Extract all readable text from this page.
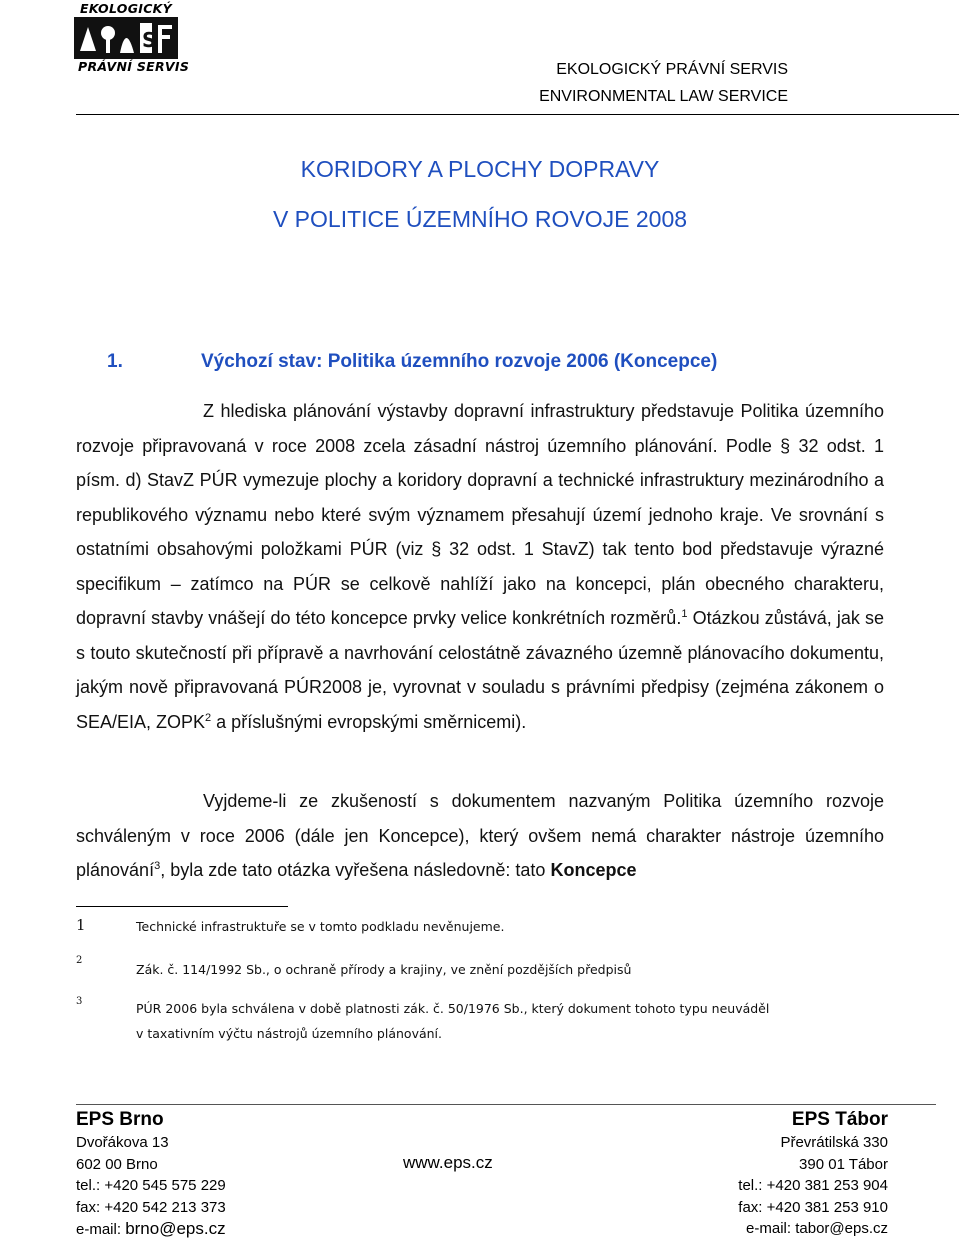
EKOLOGICKÝ
S
PRÁVNÍ SERVIS	EKOLOGICKÝ PRÁVNÍ SERVIS
ENVIRONMENTAL LAW SERVICE
KORIDORY A PLOCHY DOPRAVY
V POLITICE ÚZEMNÍHO ROVOJE 2008
1.	Výchozí stav: Politika územního rozvoje 2006 (Koncepce)
Z hlediska plánování výstavby dopravní infrastruktury představuje Politika územního rozvoje připravovaná v roce 2008 zcela zásadní nástroj územního plánování. Podle § 32 odst. 1 písm. d) StavZ PÚR vymezuje plochy a koridory dopravní a technické infrastruktury mezinárodního a republikového významu nebo které svým významem přesahují území jednoho kraje. Ve srovnání s ostatními obsahovými položkami PÚR (viz § 32 odst. 1 StavZ) tak tento bod představuje výrazné specifikum – zatímco na PÚR se celkově nahlíží jako na koncepci, plán obecného charakteru, dopravní stavby vnášejí do této koncepce prvky velice konkrétních rozměrů.$^1$ Otázkou zůstává, jak se s touto skutečností při přípravě a navrhování celostátně závazného územně plánovacího dokumentu, jakým nově připravovaná PÚR2008 je, vyrovnat v souladu s právními předpisy (zejména zákonem o SEA/EIA, ZOPK$^2$ a příslušnými evropskými směrnicemi).
Vyjdeme-li ze zkušeností s dokumentem nazvaným Politika územního rozvoje schváleným v roce 2006 (dále jen Koncepce), který ovšem nemá charakter nástroje územního plánování$^3$, byla zde tato otázka vyřešena následovně: tato Koncepce
1	Technické infrastruktuře se v tomto podkladu nevěnujeme.
2
Zák. č. 114/1992 Sb., o ochraně přírody a krajiny, ve znění pozdějších předpisů
3	PÚR 2006 byla schválena v době platnosti zák. č. 50/1976 Sb., který dokument tohoto typu neuváděl
v taxativním výčtu nástrojů územního plánování.
EPS Brno
Dvořákova 13
602 00 Brno
tel.: +420 545 575 229
fax: +420 542 213 373
e-mail: brno@eps.cz
www.eps.cz
EPS Tábor
Převrátilská 330
390 01 Tábor
tel.: +420 381 253 904
fax: +420 381 253 910
e-mail: tabor@eps.cz
